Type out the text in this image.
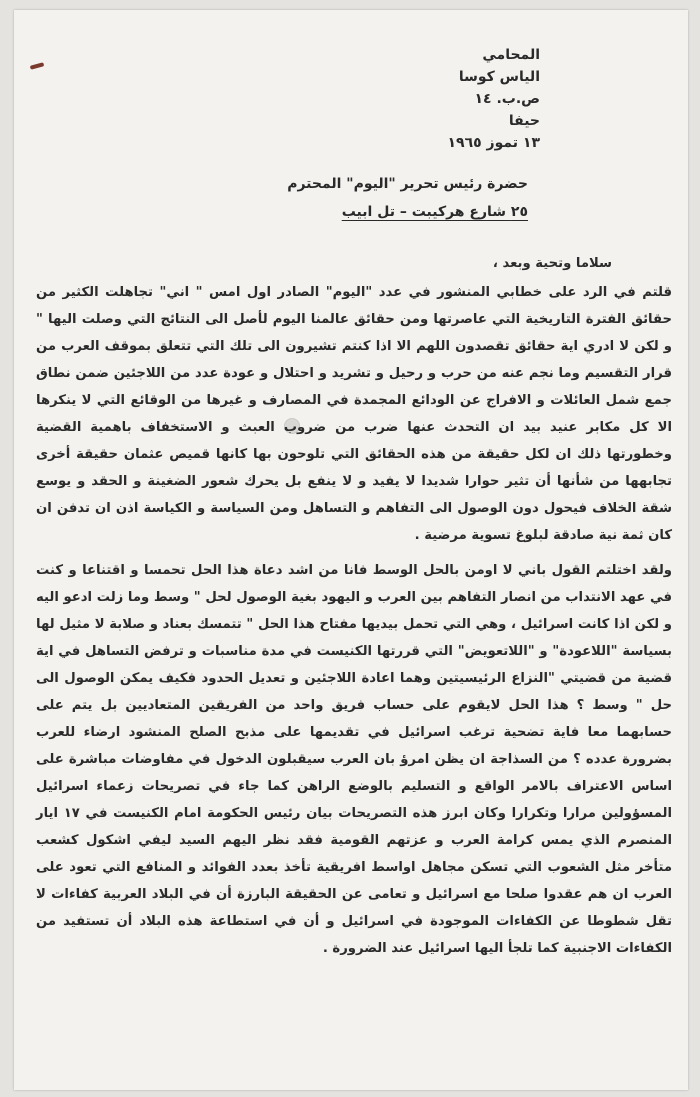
المحامي
الياس كوسا
ص.ب. ١٤
حيفا
١٣ تموز ١٩٦٥
حضرة رئيس تحرير "اليوم" المحترم
٢٥ شارع هركيبت – تل ابيب

سلاما وتحية وبعد ،

قلتم في الرد على خطابي المنشور في عدد "اليوم" الصادر اول امس " اني" تجاهلت الكثير من حقائق الفترة التاريخية التي عاصرتها ومن حقائق عالمنا اليوم لأصل الى النتائج التي وصلت اليها " و لكن لا ادري اية حقائق تقصدون اللهم الا اذا كنتم تشيرون الى تلك التي تتعلق بموقف العرب من قرار التقسيم وما نجم عنه من حرب و رحيل و تشريد و احتلال و عودة عدد من اللاجئين ضمن نطاق جمع شمل العائلات و الافراج عن الودائع المجمدة في المصارف و غيرها من الوقائع التي لا ينكرها الا كل مكابر عنيد بيد ان التحدث عنها ضرب من ضروب العبث و الاستخفاف باهمية القضية وخطورتها ذلك ان لكل حقيقة من هذه الحقائق التي تلوحون بها كانها قميص عثمان حقيقة أخرى تجابهها من شأنها أن تثير حوارا شديدا لا يفيد و لا ينفع بل يحرك شعور الضغينة و الحقد و يوسع شقة الخلاف فيحول دون الوصول الى التفاهم و التساهل ومن السياسة و الكياسة اذن ان تدفن ان كان ثمة نية صادقة لبلوغ تسوية مرضية .

ولقد اختلتم القول باني لا اومن بالحل الوسط فانا من اشد دعاة هذا الحل تحمسا و اقتناعا و كنت في عهد الانتداب من انصار التفاهم بين العرب و اليهود بغية الوصول لحل " وسط وما زلت ادعو اليه و لكن اذا كانت اسرائيل ، وهي التي تحمل بيديها مفتاح هذا الحل " تتمسك بعناد و صلابة لا مثيل لها بسياسة "اللاعودة" و "اللاتعويض" التي قررتها الكنيست في مدة مناسبات و ترفض التساهل في اية قضية من قضيتي "النزاع الرئيسيتين وهما اعادة اللاجئين و تعديل الحدود فكيف يمكن الوصول الى حل " وسط ؟ هذا الحل لايقوم على حساب فريق واحد من الفريقين المتعاديين بل يتم على حسابهما معا فاية تضحية ترغب اسرائيل في تقديمها على مذبح الصلح المنشود ارضاء للعرب بضرورة عدده ؟ من السذاجة ان يظن امرؤ بان العرب سيقبلون الدخول في مفاوضات مباشرة على اساس الاعتراف بالامر الواقع و التسليم بالوضع الراهن كما جاء في تصريحات زعماء اسرائيل المسؤولين مرارا وتكرارا وكان ابرز هذه التصريحات بيان رئيس الحكومة امام الكنيست في ١٧ ايار المنصرم الذي يمس كرامة العرب و عزتهم القومية فقد نظر اليهم السيد ليفي اشكول كشعب متأخر مثل الشعوب التي تسكن مجاهل اواسط افريقية تأخذ بعدد الفوائد و المنافع التي تعود على العرب ان هم عقدوا صلحا مع اسرائيل و تعامى عن الحقيقة البارزة أن في البلاد العربية كفاءات لا تقل شطوطا عن الكفاءات الموجودة في اسرائيل و أن في استطاعة هذه البلاد أن تستفيد من الكفاءات الاجنبية كما تلجأ اليها اسرائيل عند الضرورة .
